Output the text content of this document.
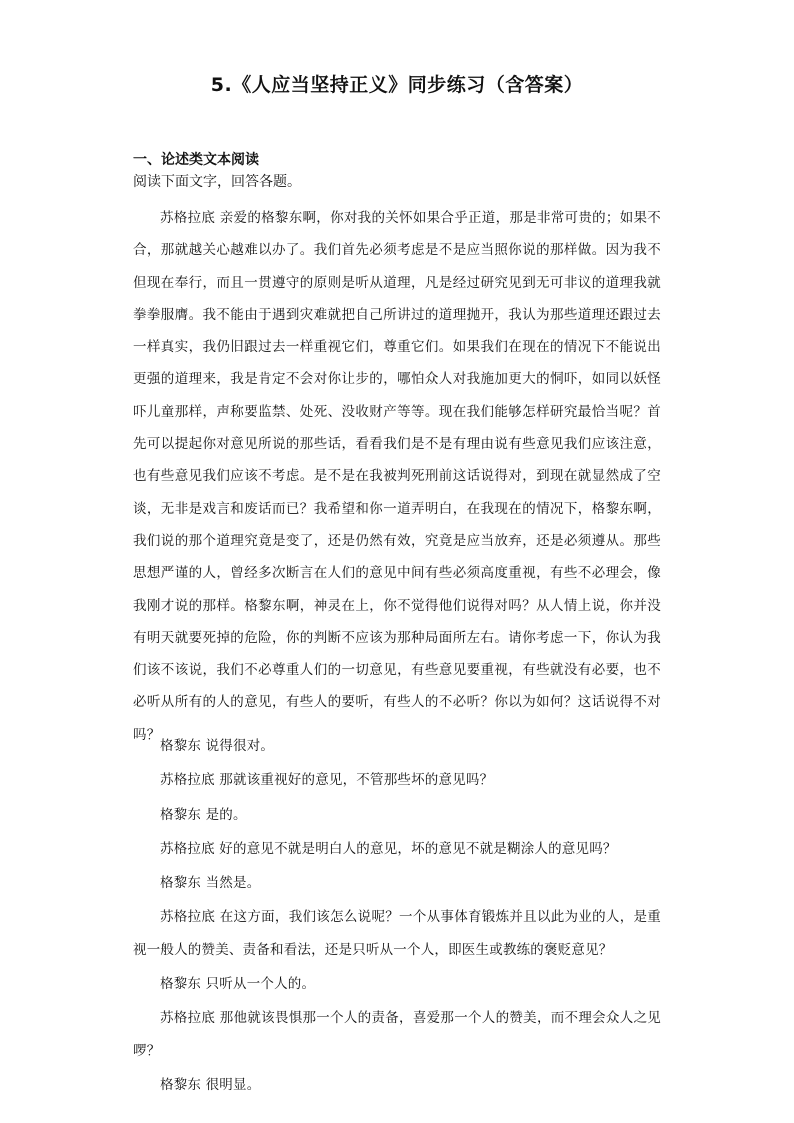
5.《人应当坚持正义》同步练习（含答案）
一、论述类文本阅读
阅读下面文字，回答各题。

苏格拉底 亲爱的格黎东啊，你对我的关怀如果合乎正道，那是非常可贵的；如果不合，那就越关心越难以办了。我们首先必须考虑是不是应当照你说的那样做。因为我不但现在奉行，而且一贯遵守的原则是听从道理，凡是经过研究见到无可非议的道理我就拳拳服膺。我不能由于遇到灾难就把自己所讲过的道理抛开，我认为那些道理还跟过去一样真实，我仍旧跟过去一样重视它们，尊重它们。如果我们在现在的情况下不能说出更强的道理来，我是肯定不会对你让步的，哪怕众人对我施加更大的恫吓，如同以妖怪吓儿童那样，声称要监禁、处死、没收财产等等。现在我们能够怎样研究最恰当呢？首先可以提起你对意见所说的那些话，看看我们是不是有理由说有些意见我们应该注意，也有些意见我们应该不考虑。是不是在我被判死刑前这话说得对，到现在就显然成了空谈，无非是戏言和废话而已？我希望和你一道弄明白，在我现在的情况下，格黎东啊，我们说的那个道理究竟是变了，还是仍然有效，究竟是应当放弃，还是必须遵从。那些思想严谨的人，曾经多次断言在人们的意见中间有些必须高度重视，有些不必理会，像我刚才说的那样。格黎东啊，神灵在上，你不觉得他们说得对吗？从人情上说，你并没有明天就要死掉的危险，你的判断不应该为那种局面所左右。请你考虑一下，你认为我们该不该说，我们不必尊重人们的一切意见，有些意见要重视，有些就没有必要，也不必听从所有的人的意见，有些人的要听，有些人的不必听？你以为如何？这话说得不对吗？

格黎东 说得很对。

苏格拉底 那就该重视好的意见，不管那些坏的意见吗？

格黎东 是的。

苏格拉底 好的意见不就是明白人的意见，坏的意见不就是糊涂人的意见吗？

格黎东 当然是。

苏格拉底 在这方面，我们该怎么说呢？一个从事体育锻炼并且以此为业的人，是重视一般人的赞美、责备和看法，还是只听从一个人，即医生或教练的褒贬意见？

格黎东 只听从一个人的。

苏格拉底 那他就该畏惧那一个人的责备，喜爱那一个人的赞美，而不理会众人之见啰？

格黎东 很明显。
